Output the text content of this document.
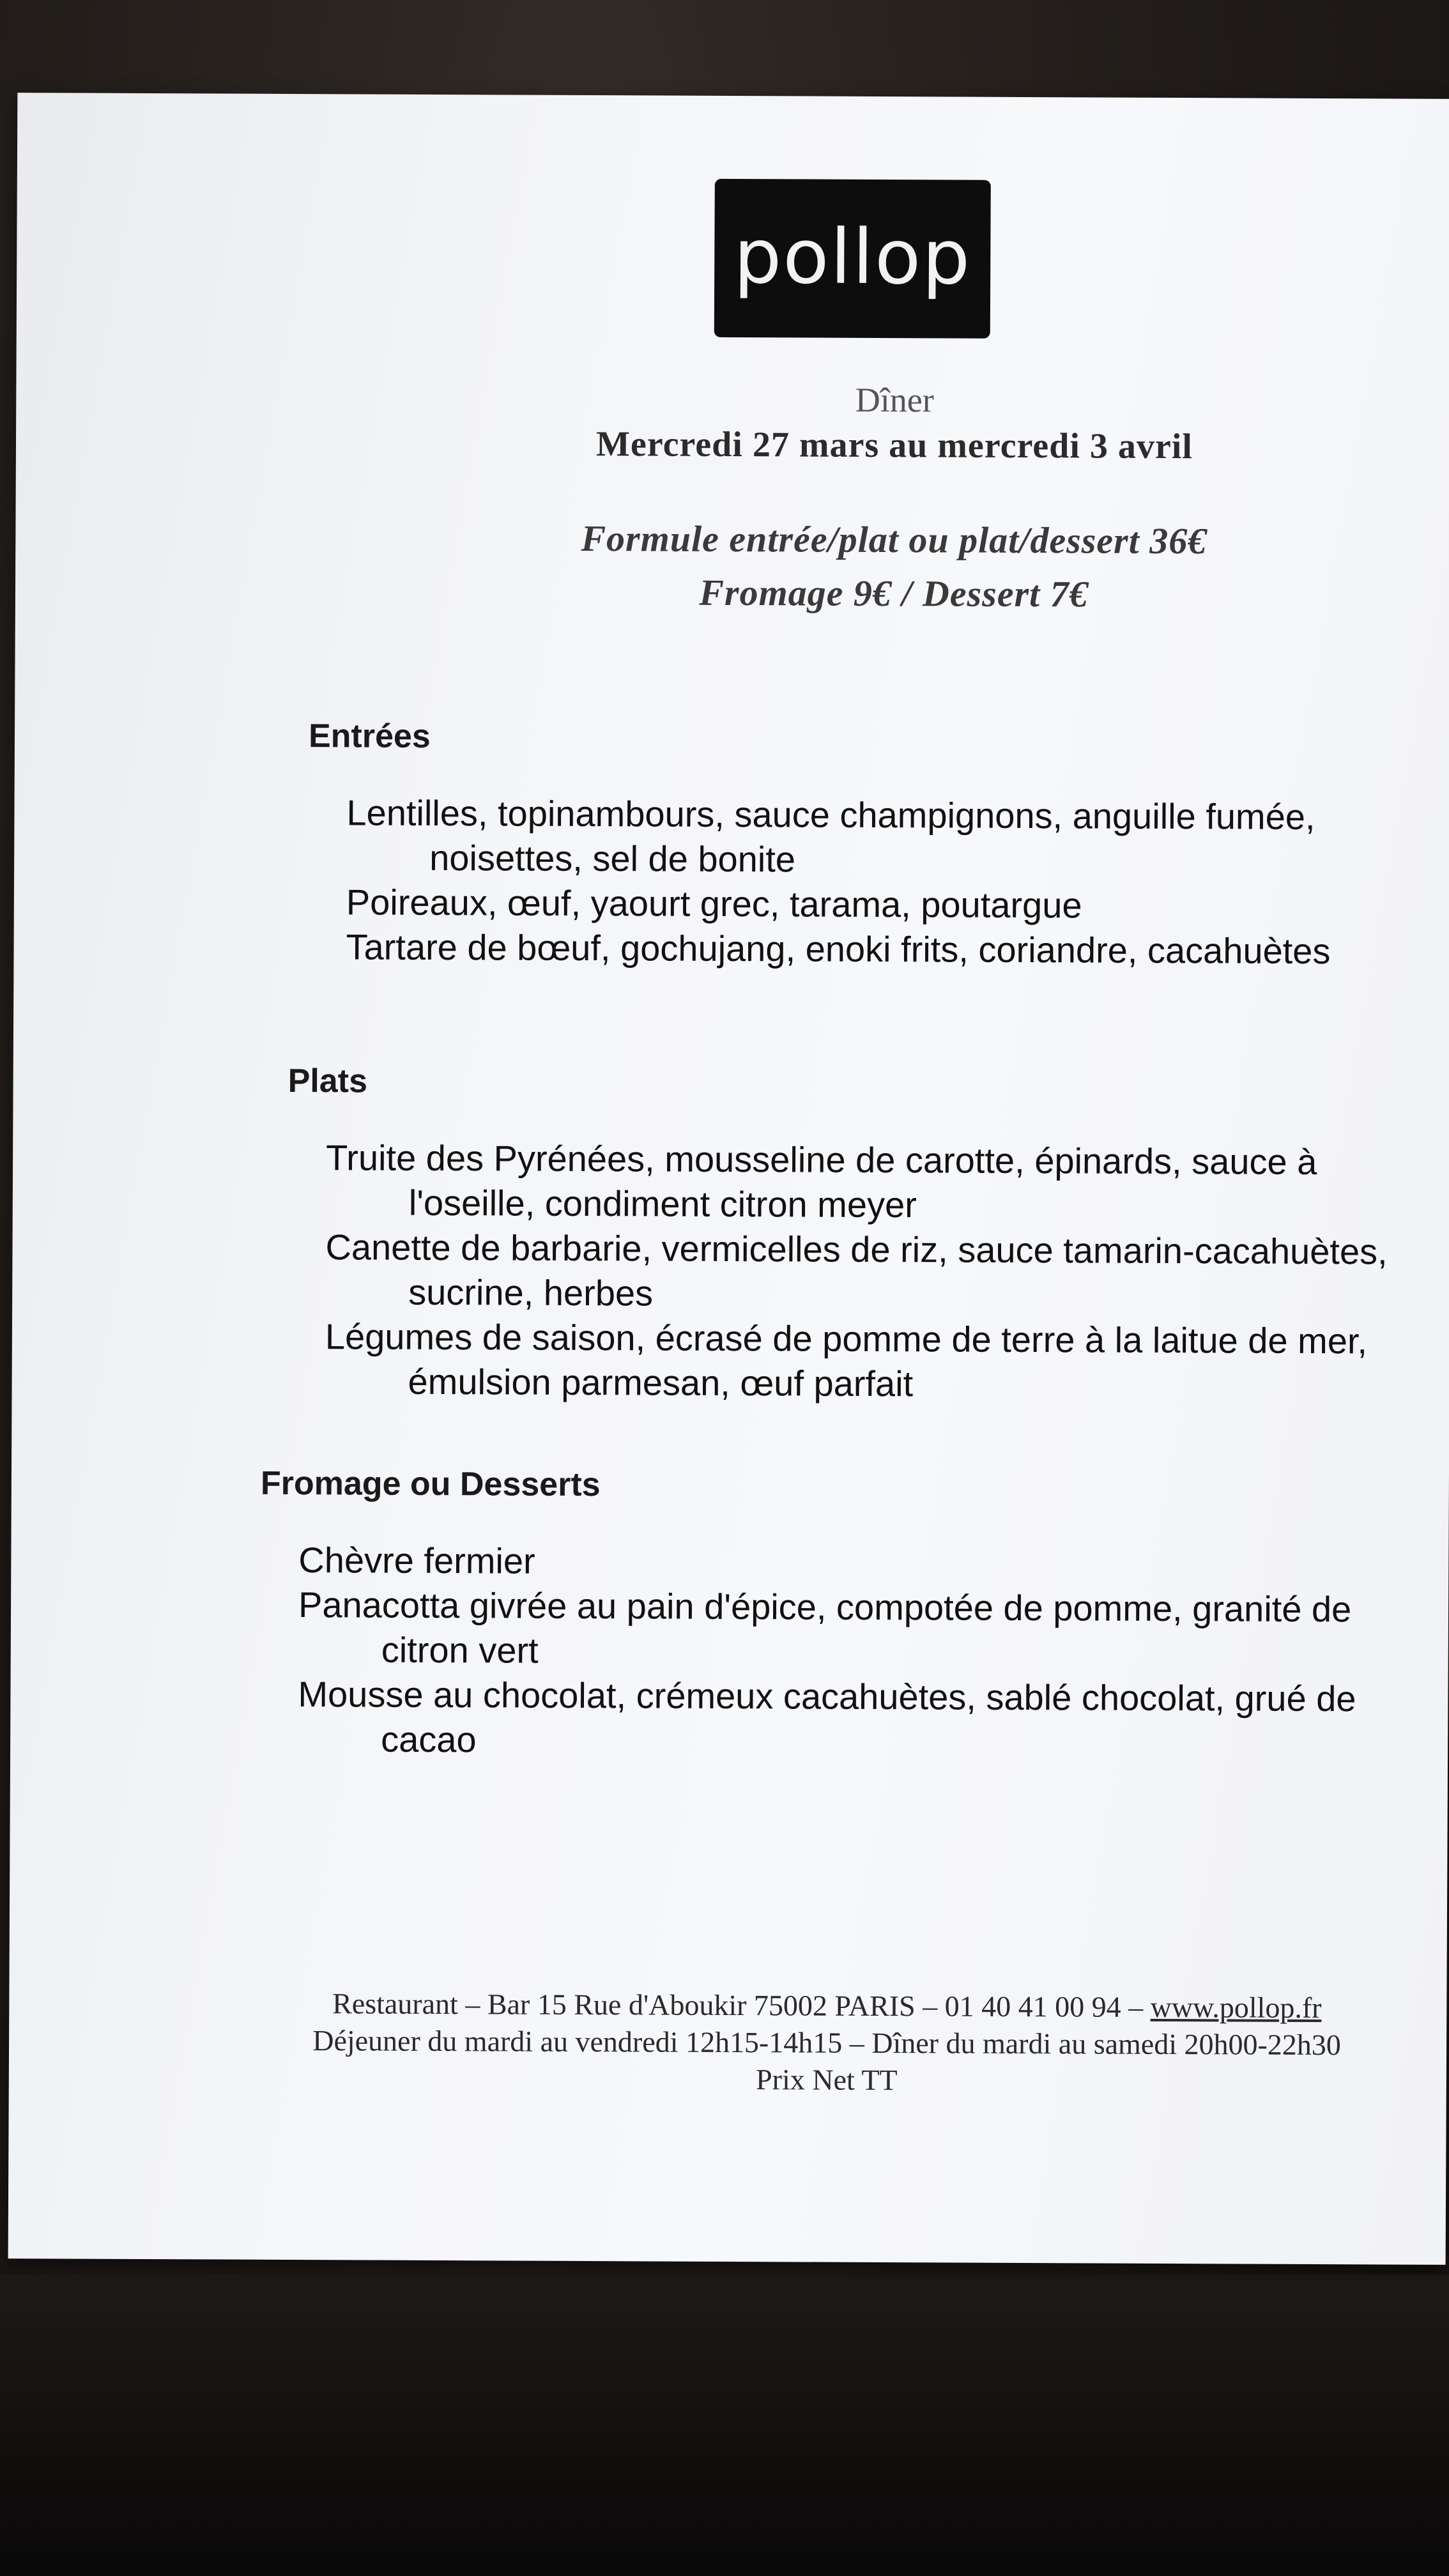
pollop
Dîner
Mercredi 27 mars au mercredi 3 avril
Formule entrée/plat ou plat/dessert 36€
Fromage 9€ / Dessert 7€
Entrées
Lentilles, topinambours, sauce champignons, anguille fumée, noisettes, sel de bonite
Poireaux, œuf, yaourt grec, tarama, poutargue
Tartare de bœuf, gochujang, enoki frits, coriandre, cacahuètes
Plats
Truite des Pyrénées, mousseline de carotte, épinards, sauce à l'oseille, condiment citron meyer
Canette de barbarie, vermicelles de riz, sauce tamarin-cacahuètes, sucrine, herbes
Légumes de saison, écrasé de pomme de terre à la laitue de mer, émulsion parmesan, œuf parfait
Fromage ou Desserts
Chèvre fermier
Panacotta givrée au pain d'épice, compotée de pomme, granité de citron vert
Mousse au chocolat, crémeux cacahuètes, sablé chocolat, grué de cacao
Restaurant – Bar 15 Rue d'Aboukir 75002 PARIS – 01 40 41 00 94 – www.pollop.fr
Déjeuner du mardi au vendredi 12h15-14h15 – Dîner du mardi au samedi 20h00-22h30
Prix Net TT
